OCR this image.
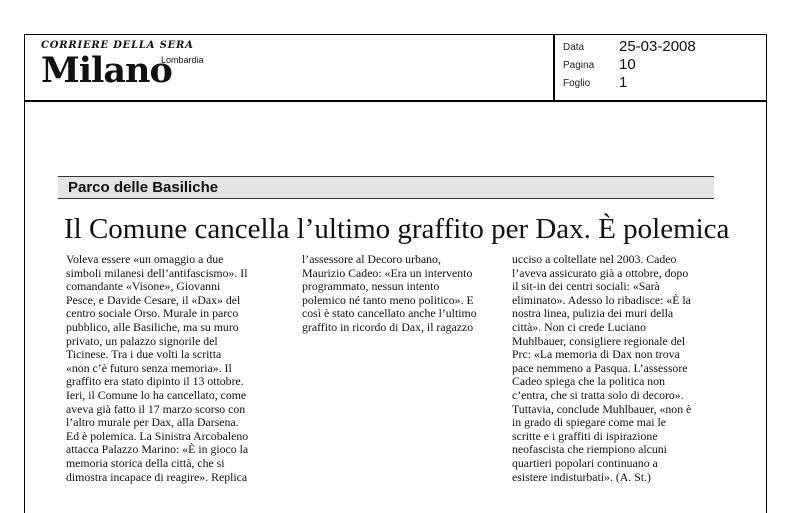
CORRIERE DELLA SERA
Milano
Lombardia
Data 25-03-2008
Pagina 10
Foglio 1
Parco delle Basiliche
Il Comune cancella l’ultimo graffito per Dax. È polemica
Voleva essere «un omaggio a due
simboli milanesi dell’antifascismo». Il
comandante «Visone», Giovanni
Pesce, e Davide Cesare, il «Dax» del
centro sociale Orso. Murale in parco
pubblico, alle Basiliche, ma su muro
privato, un palazzo signorile del
Ticinese. Tra i due volti la scritta
«non c’è futuro senza memoria». Il
graffito era stato dipinto il 13 ottobre.
Ieri, il Comune lo ha cancellato, come
aveva già fatto il 17 marzo scorso con
l’altro murale per Dax, alla Darsena.
Ed è polemica. La Sinistra Arcobaleno
attacca Palazzo Marino: «È in gioco la
memoria storica della città, che si
dimostra incapace di reagire». Replica
l’assessore al Decoro urbano,
Maurizio Cadeo: «Era un intervento
programmato, nessun intento
polemico né tanto meno politico». E
così è stato cancellato anche l’ultimo
graffito in ricordo di Dax, il ragazzo
ucciso a coltellate nel 2003. Cadeo
l’aveva assicurato già a ottobre, dopo
il sit-in dei centri sociali: «Sarà
eliminato». Adesso lo ribadisce: «È la
nostra linea, pulizia dei muri della
città». Non ci crede Luciano
Muhlbauer, consigliere regionale del
Prc: «La memoria di Dax non trova
pace nemmeno a Pasqua. L’assessore
Cadeo spiega che la politica non
c’entra, che si tratta solo di decoro».
Tuttavia, conclude Muhlbauer, «non è
in grado di spiegare come mai le
scritte e i graffiti di ispirazione
neofascista che riempiono alcuni
quartieri popolari continuano a
esistere indisturbati». (A. St.)
